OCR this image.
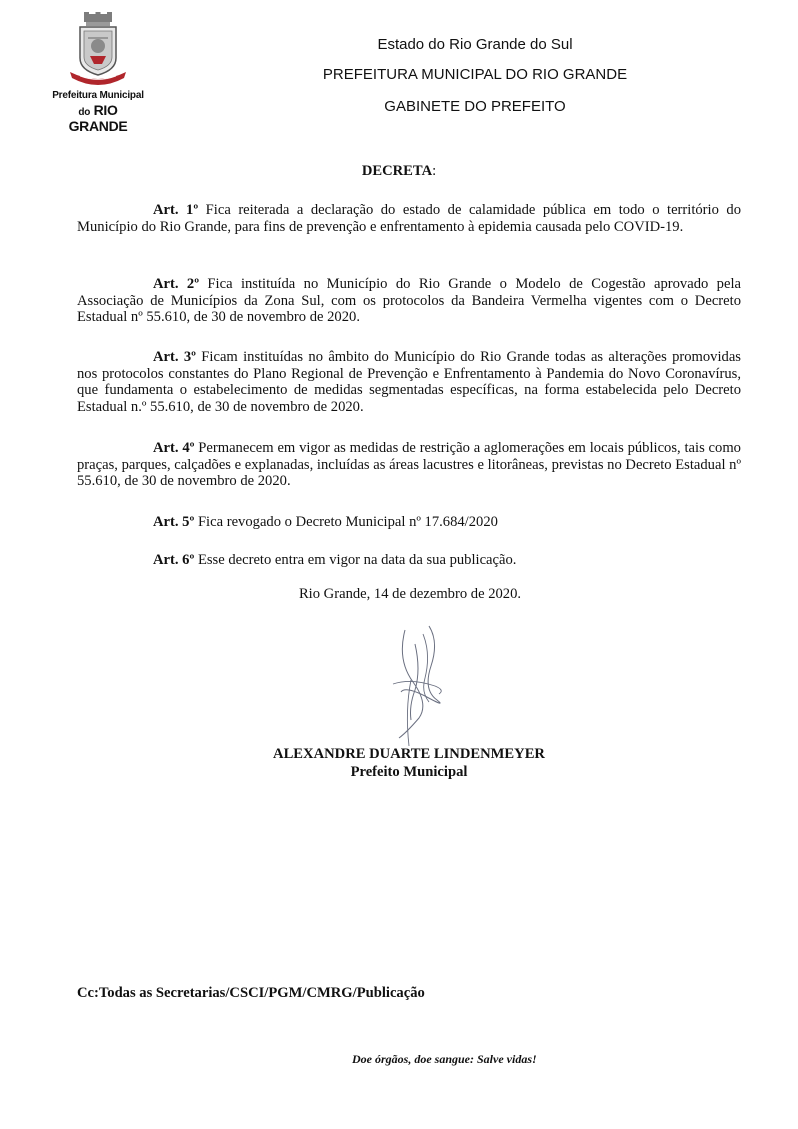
Prefeitura Municipal
do RIO GRANDE
Estado do Rio Grande do Sul
PREFEITURA MUNICIPAL DO RIO GRANDE
GABINETE DO PREFEITO
DECRETA:

Art. 1º Fica reiterada a declaração do estado de calamidade pública em todo o território do Município do Rio Grande, para fins de prevenção e enfrentamento à epidemia causada pelo COVID-19.

Art. 2º Fica instituída no Município do Rio Grande o Modelo de Cogestão aprovado pela Associação de Municípios da Zona Sul, com os protocolos da Bandeira Vermelha vigentes com o Decreto Estadual nº 55.610, de 30 de novembro de 2020.

Art. 3º Ficam instituídas no âmbito do Município do Rio Grande todas as alterações promovidas nos protocolos constantes do Plano Regional de Prevenção e Enfrentamento à Pandemia do Novo Coronavírus, que fundamenta o estabelecimento de medidas segmentadas específicas, na forma estabelecida pelo Decreto Estadual n.º 55.610, de 30 de novembro de 2020.

Art. 4º Permanecem em vigor as medidas de restrição a aglomerações em locais públicos, tais como praças, parques, calçadões e explanadas, incluídas as áreas lacustres e litorâneas, previstas no Decreto Estadual nº 55.610, de 30 de novembro de 2020.

Art. 5º Fica revogado o Decreto Municipal nº 17.684/2020

Art. 6º Esse decreto entra em vigor na data da sua publicação.

Rio Grande, 14 de dezembro de 2020.
ALEXANDRE DUARTE LINDENMEYER
Prefeito Municipal
Cc:Todas as Secretarias/CSCI/PGM/CMRG/Publicação
Doe órgãos, doe sangue: Salve vidas!
